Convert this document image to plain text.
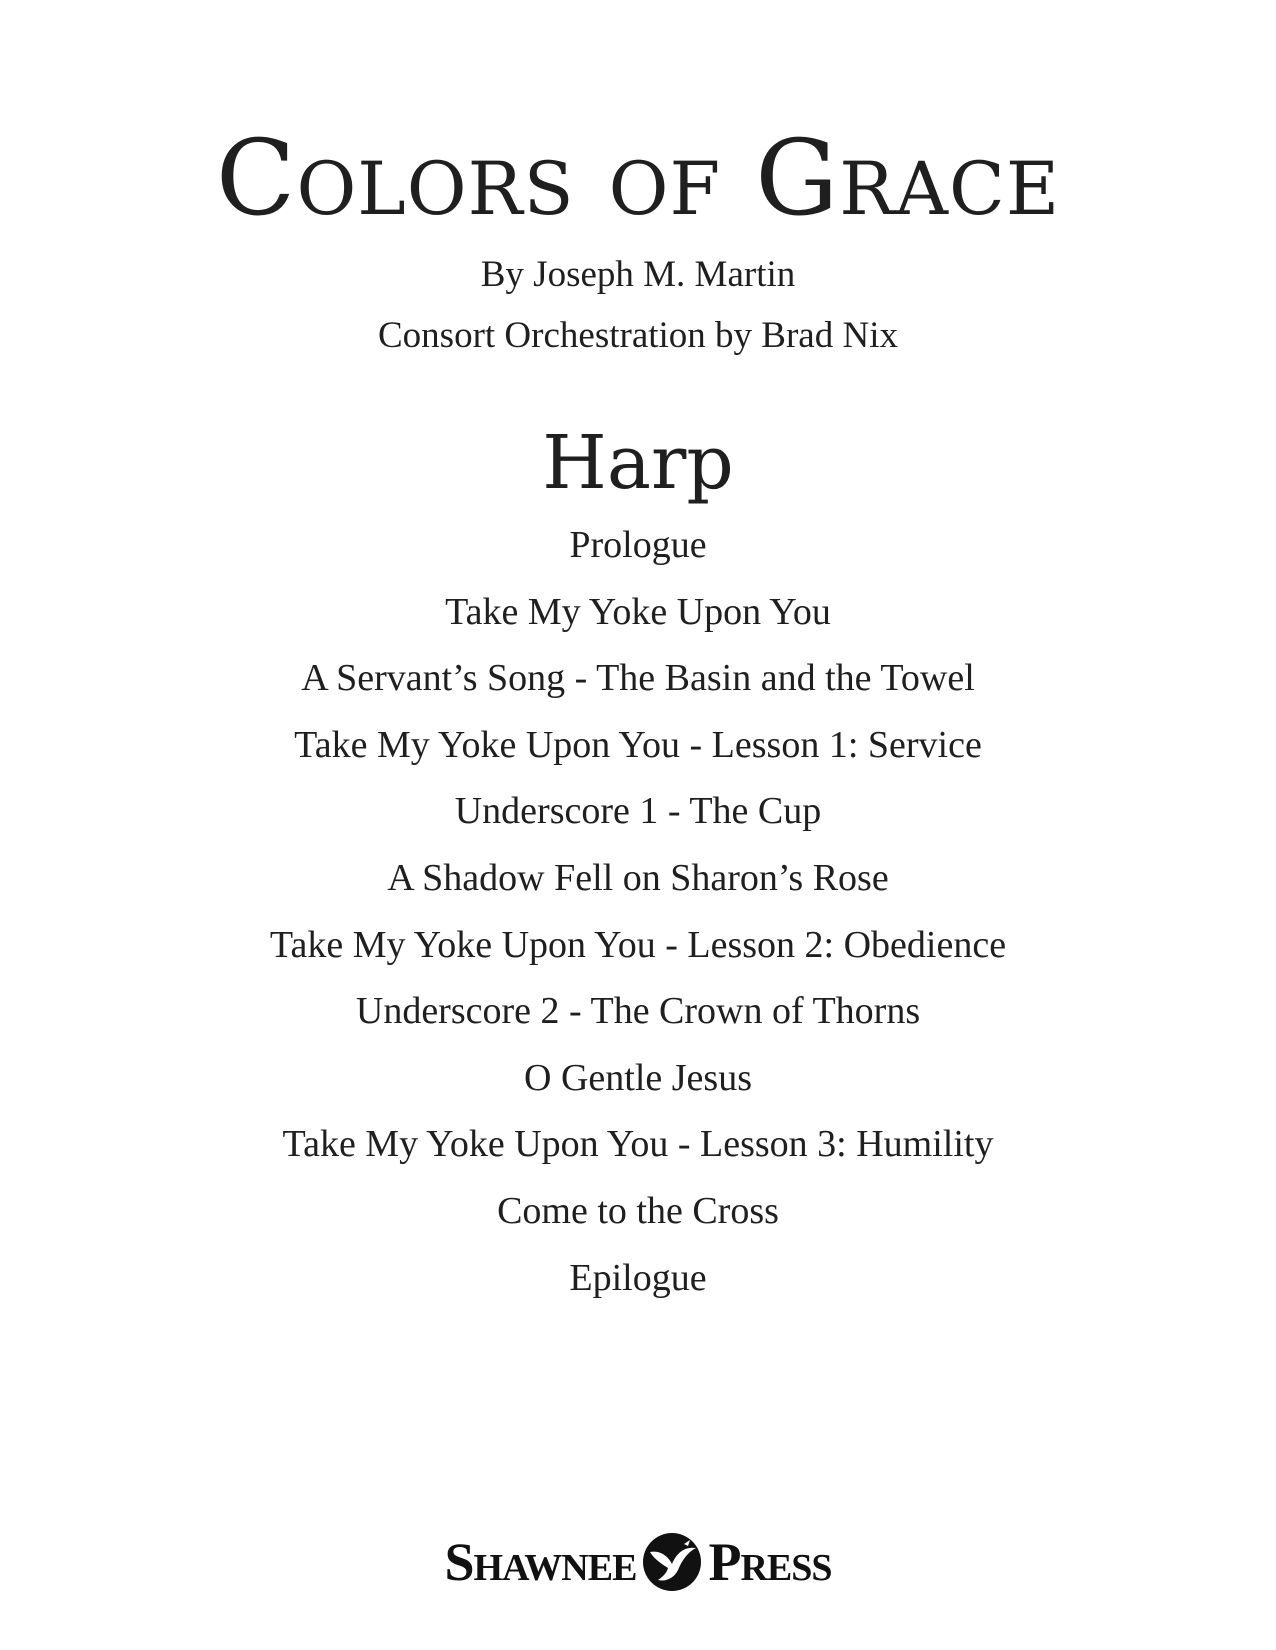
Colors of Grace
By Joseph M. Martin
Consort Orchestration by Brad Nix
Harp
Prologue
Take My Yoke Upon You
A Servant’s Song - The Basin and the Towel
Take My Yoke Upon You - Lesson 1: Service
Underscore 1 - The Cup
A Shadow Fell on Sharon’s Rose
Take My Yoke Upon You - Lesson 2: Obedience
Underscore 2 - The Crown of Thorns
O Gentle Jesus
Take My Yoke Upon You - Lesson 3: Humility
Come to the Cross
Epilogue
Shawnee Press
